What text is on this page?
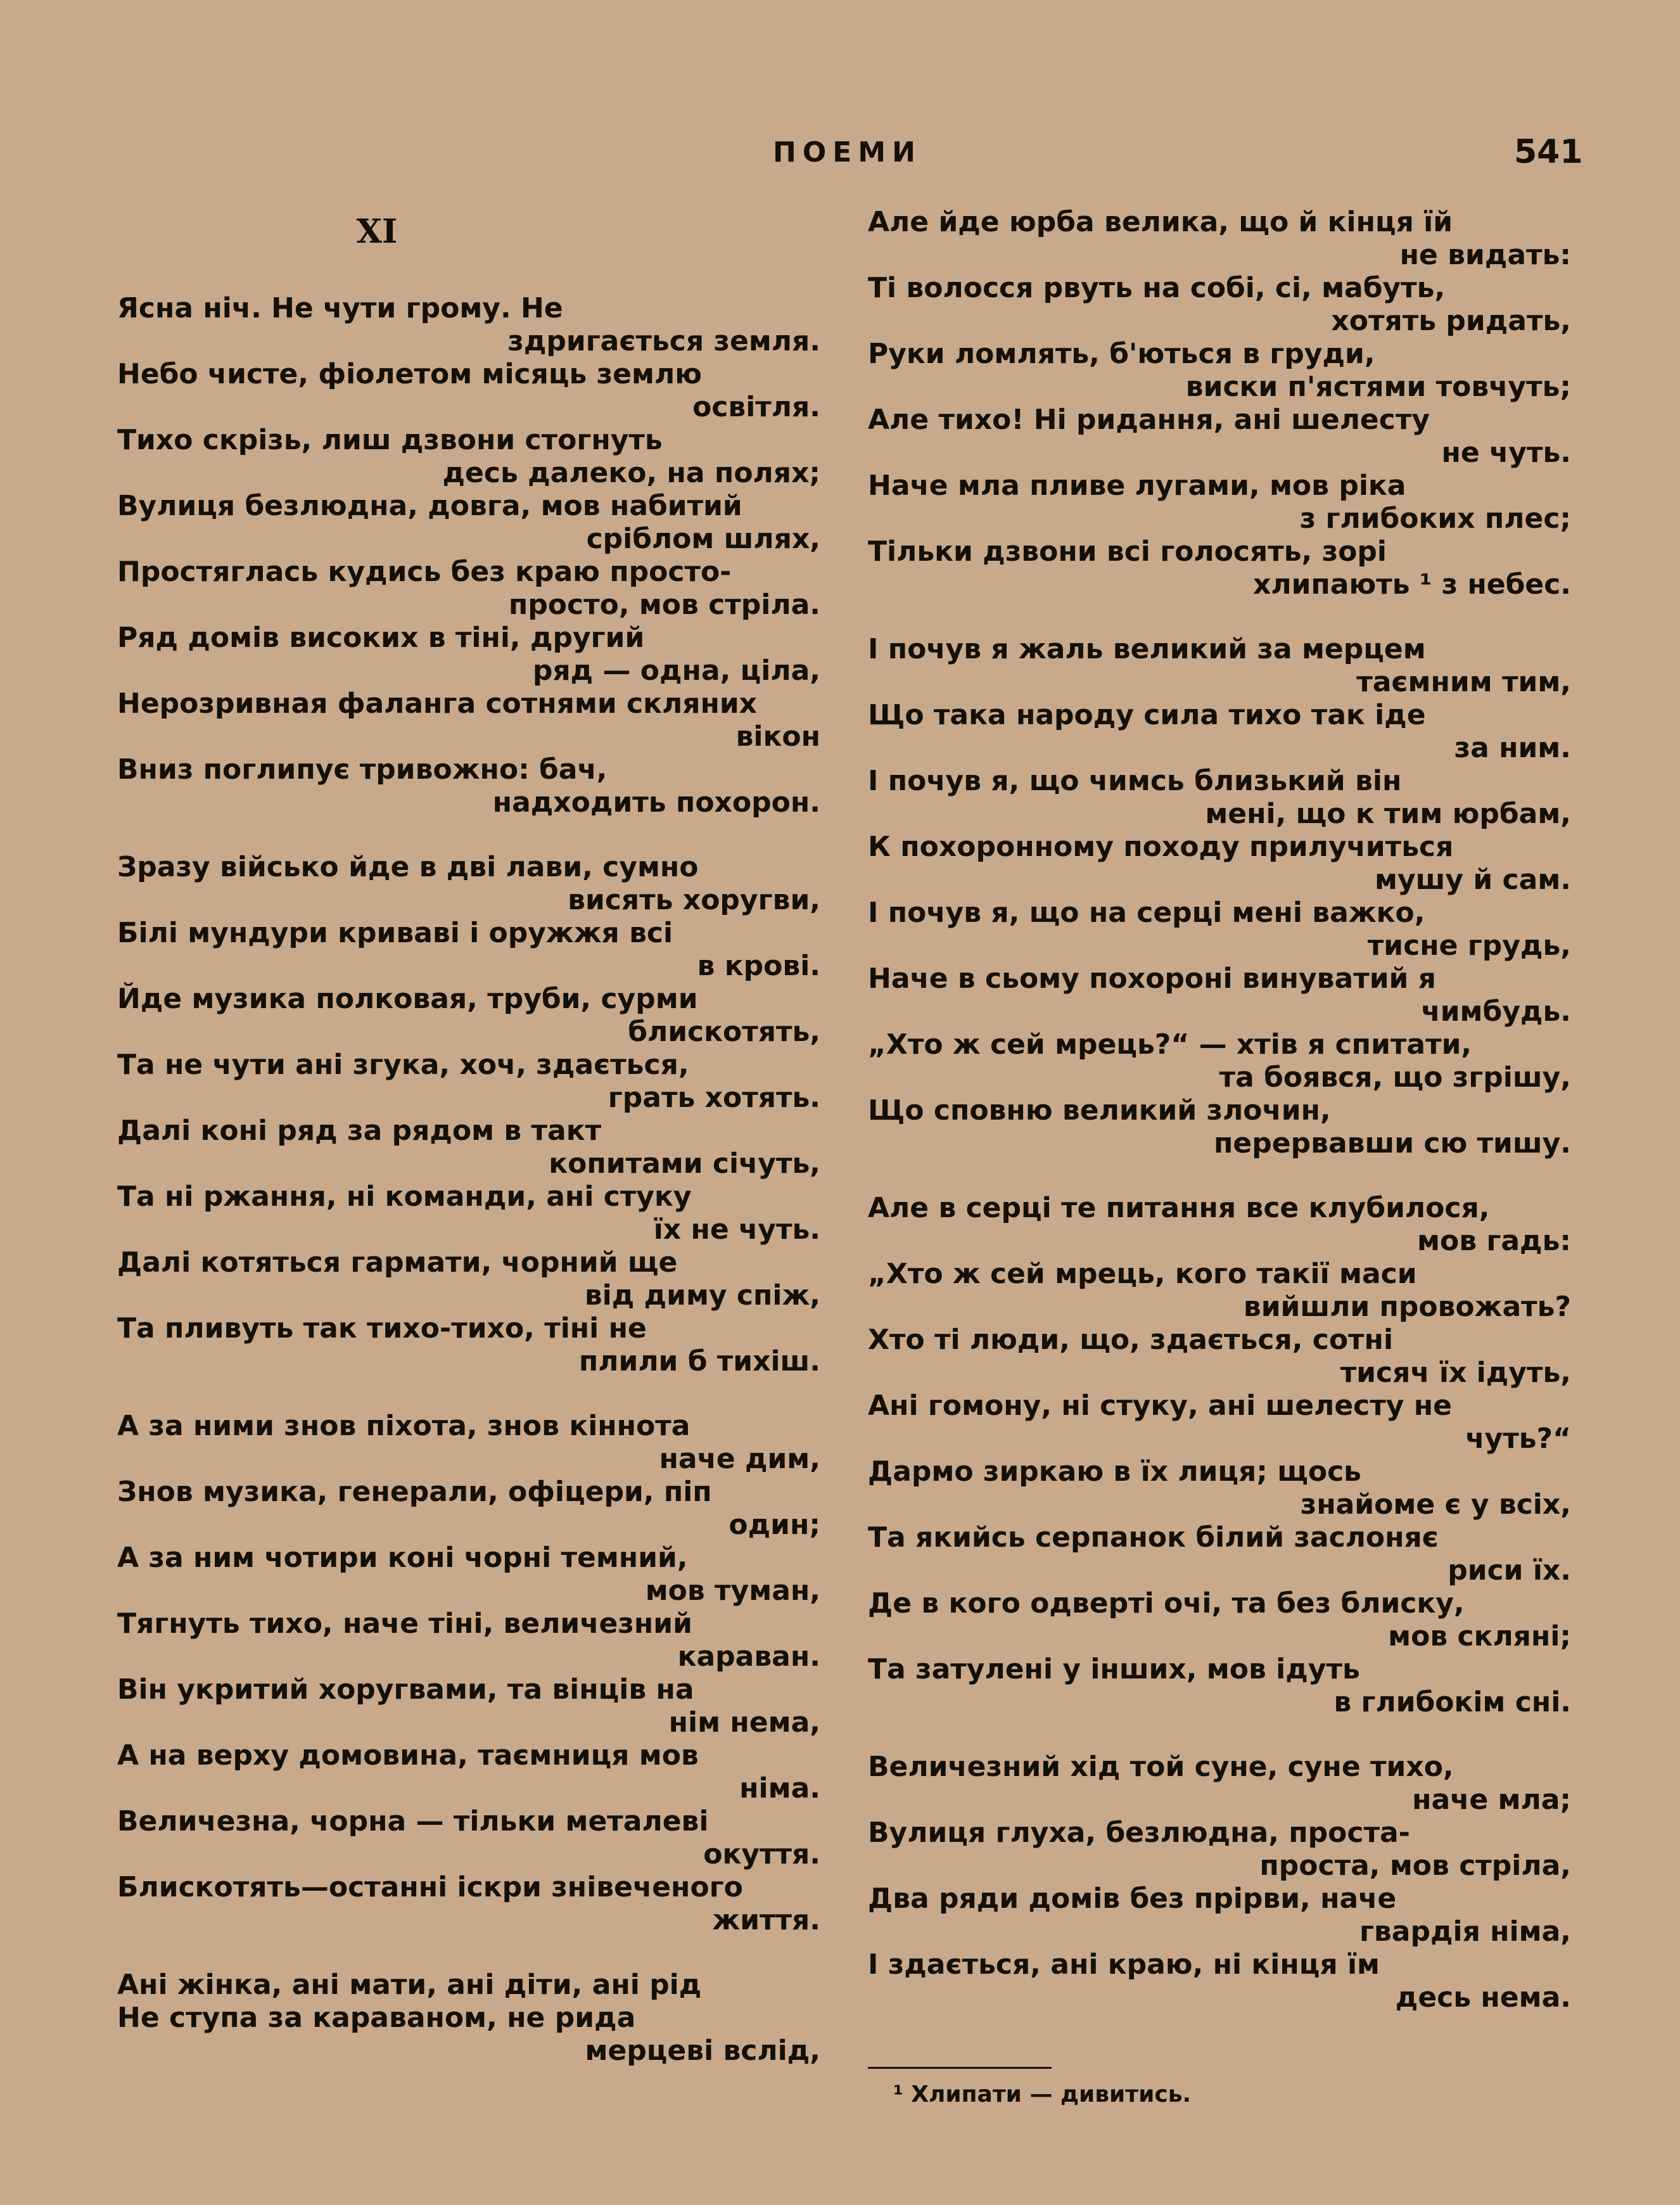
ПОЕМИ	541
XI
Ясна ніч. Не чути грому. Не
здригається земля.
Небо чисте, фіолетом місяць землю
освітля.
Тихо скрізь, лиш дзвони стогнуть
десь далеко, на полях;
Вулиця безлюдна, довга, мов набитий
сріблом шлях,
Простяглась кудись без краю просто-
просто, мов стріла.
Ряд домів високих в тіні, другий
ряд — одна, ціла,
Нерозривная фаланга сотнями скляних
вікон
Вниз поглипує тривожно: бач,
надходить похорон.
Зразу військо йде в дві лави, сумно
висять хоругви,
Білі мундури криваві і оружжя всі
в крові.
Йде музика полковая, труби, сурми
блискотять,
Та не чути ані згука, хоч, здається,
грать хотять.
Далі коні ряд за рядом в такт
копитами січуть,
Та ні ржання, ні команди, ані стуку
їх не чуть.
Далі котяться гармати, чорний ще
від диму спіж,
Та пливуть так тихо-тихо, тіні не
плили б тихіш.
А за ними знов піхота, знов кіннота
наче дим,
Знов музика, генерали, офіцери, піп
один;
А за ним чотири коні чорні темний,
мов туман,
Тягнуть тихо, наче тіні, величезний
караван.
Він укритий хоругвами, та вінців на
нім нема,
А на верху домовина, таємниця мов
німа.
Величезна, чорна — тільки металеві
окуття.
Блискотять—останні іскри знівеченого
життя.
Ані жінка, ані мати, ані діти, ані рід
Не ступа за караваном, не рида
мерцеві вслід,
Але йде юрба велика, що й кінця їй
не видать:
Ті волосся рвуть на собі, сі, мабуть,
хотять ридать,
Руки ломлять, б'ються в груди,
виски п'ястями товчуть;
Але тихо! Ні ридання, ані шелесту
не чуть.
Наче мла пливе лугами, мов ріка
з глибоких плес;
Тільки дзвони всі голосять, зорі
хлипають ¹ з небес.
І почув я жаль великий за мерцем
таємним тим,
Що така народу сила тихо так іде
за ним.
І почув я, що чимсь близький він
мені, що к тим юрбам,
К похоронному походу прилучиться
мушу й сам.
І почув я, що на серці мені важко,
тисне грудь,
Наче в сьому похороні винуватий я
чимбудь.
„Хто ж сей мрець?“ — хтів я спитати,
та боявся, що згрішу,
Що сповню великий злочин,
перервавши сю тишу.
Але в серці те питання все клубилося,
мов гадь:
„Хто ж сей мрець, кого такії маси
вийшли провожать?
Хто ті люди, що, здається, сотні
тисяч їх ідуть,
Ані гомону, ні стуку, ані шелесту не
чуть?“
Дармо зиркаю в їх лиця; щось
знайоме є у всіх,
Та якийсь серпанок білий заслоняє
риси їх.
Де в кого одверті очі, та без блиску,
мов скляні;
Та затулені у інших, мов ідуть
в глибокім сні.
Величезний хід той суне, суне тихо,
наче мла;
Вулиця глуха, безлюдна, проста-
проста, мов стріла,
Два ряди домів без прірви, наче
гвардія німа,
І здається, ані краю, ні кінця їм
десь нема.
¹ Хлипати — дивитись.
